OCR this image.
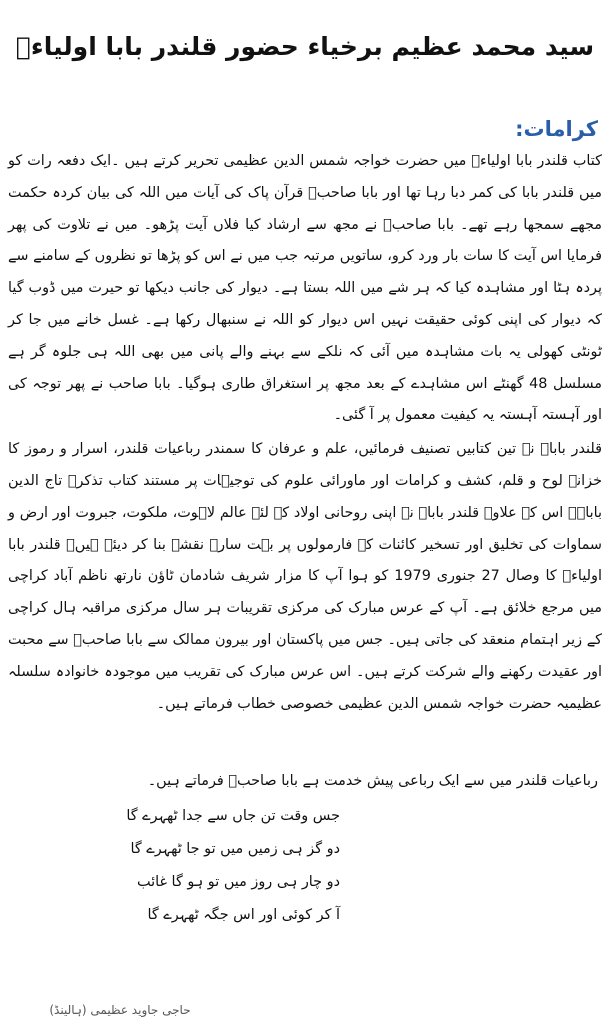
سید محمد عظیم برخیاء حضور قلندر بابا اولیاءؒ
کرامات:

کتاب قلندر بابا اولیاءؒ میں حضرت خواجہ شمس الدین عظیمی تحریر کرتے ہیں ۔ایک دفعہ رات کو میں قلندر بابا کی کمر دبا رہا تھا اور بابا صاحبؒ قرآن پاک کی آیات میں اللہ کی بیان کردہ حکمت مجھے سمجھا رہے تھے۔ بابا صاحبؒ نے مجھ سے ارشاد کیا فلاں آیت پڑھو۔ میں نے تلاوت کی پھر فرمایا اس آیت کا سات بار ورد کرو، ساتویں مرتبہ جب میں نے اس کو پڑھا تو نظروں کے سامنے سے پردہ ہٹا اور مشاہدہ کیا کہ ہر شے میں اللہ بستا ہے۔ دیوار کی جانب دیکھا تو حیرت میں ڈوب گیا کہ دیوار کی اپنی کوئی حقیقت نہیں اس دیوار کو اللہ نے سنبھال رکھا ہے۔ غسل خانے میں جا کر ٹونٹی کھولی یہ بات مشاہدہ میں آئی کہ نلکے سے بہنے والے پانی میں بھی اللہ ہی جلوہ گر ہے مسلسل 48 گھنٹے اس مشاہدے کے بعد مجھ پر استغراق طاری ہوگیا۔ بابا صاحب نے پھر توجہ کی اور آہستہ آہستہ یہ کیفیت معمول پر آ گئی۔

قلندر باباؒ نے تین کتابیں تصنیف فرمائیں، علم و عرفان کا سمندر رباعیات قلندر، اسرار و رموز کا خزانہ لوح و قلم، کشف و کرامات اور ماورائی علوم کی توجیہات پر مستند کتاب تذکرہ تاج الدین باباؒ۔ اس کے علاوہ قلندر باباؒ نے اپنی روحانی اولاد کے لئے عالم لاہوت، ملکوت، جبروت اور ارض و سماوات کی تخلیق اور تسخیر کائنات کے فارمولوں پر بہت سارے نقشے بنا کر دیئے ہیں۔ قلندر بابا اولیاءؒ کا وصال 27 جنوری 1979 کو ہوا آپ کا مزار شریف شادمان ٹاؤن نارتھ ناظم آباد کراچی میں مرجع خلائق ہے۔ آپ کے عرس مبارک کی مرکزی تقریبات ہر سال مرکزی مراقبہ ہال کراچی کے زیر اہتمام منعقد کی جاتی ہیں۔ جس میں پاکستان اور بیرون ممالک سے بابا صاحبؒ سے محبت اور عقیدت رکھنے والے شرکت کرتے ہیں۔ اس عرس مبارک کی تقریب میں موجودہ خانوادہ سلسلہ عظیمیہ حضرت خواجہ شمس الدین عظیمی خصوصی خطاب فرماتے ہیں۔

رباعیات قلندر میں سے ایک رباعی پیش خدمت ہے بابا صاحبؒ فرماتے ہیں۔

جس وقت تن جاں سے جدا ٹھہرے گا

دو گز ہی زمیں میں تو جا ٹھہرے گا

دو چار ہی روز میں تو ہو گا غائب

آ کر کوئی اور اس جگہ ٹھہرے گا

حاجی جاوید عظیمی (ہالینڈ)
